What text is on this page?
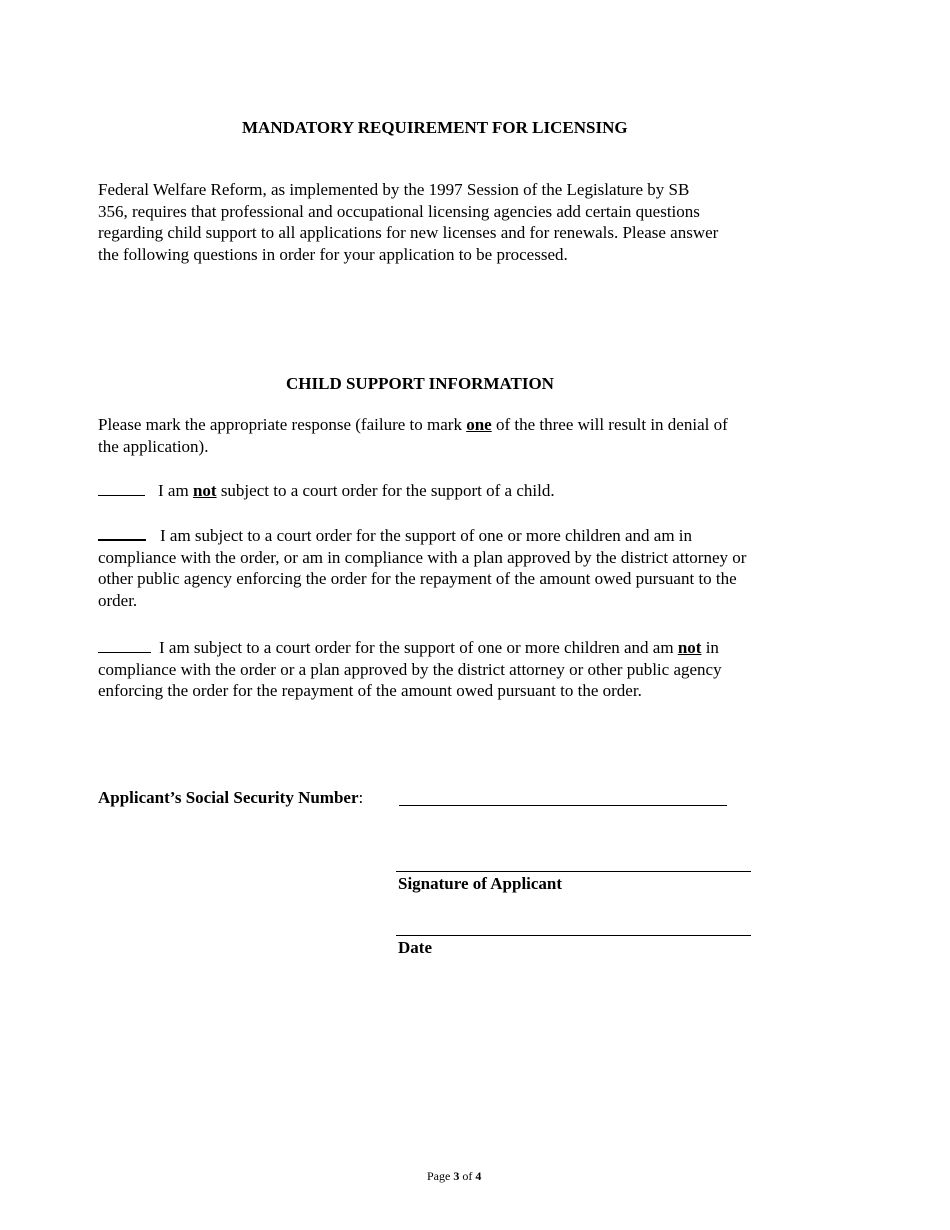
MANDATORY REQUIREMENT FOR LICENSING

Federal Welfare Reform, as implemented by the 1997 Session of the Legislature by SB

356, requires that professional and occupational licensing agencies add certain questions

regarding child support to all applications for new licenses and for renewals. Please answer

the following questions in order for your application to be processed.

CHILD SUPPORT INFORMATION

Please mark the appropriate response (failure to mark one of the three will result in denial of

the application).

I am not subject to a court order for the support of a child.

I am subject to a court order for the support of one or more children and am in

compliance with the order, or am in compliance with a plan approved by the district attorney or

other public agency enforcing the order for the repayment of the amount owed pursuant to the

order.

I am subject to a court order for the support of one or more children and am not in

compliance with the order or a plan approved by the district attorney or other public agency

enforcing the order for the repayment of the amount owed pursuant to the order.

Applicant’s Social Security Number:
Signature of Applicant
Date
Page 3 of 4
